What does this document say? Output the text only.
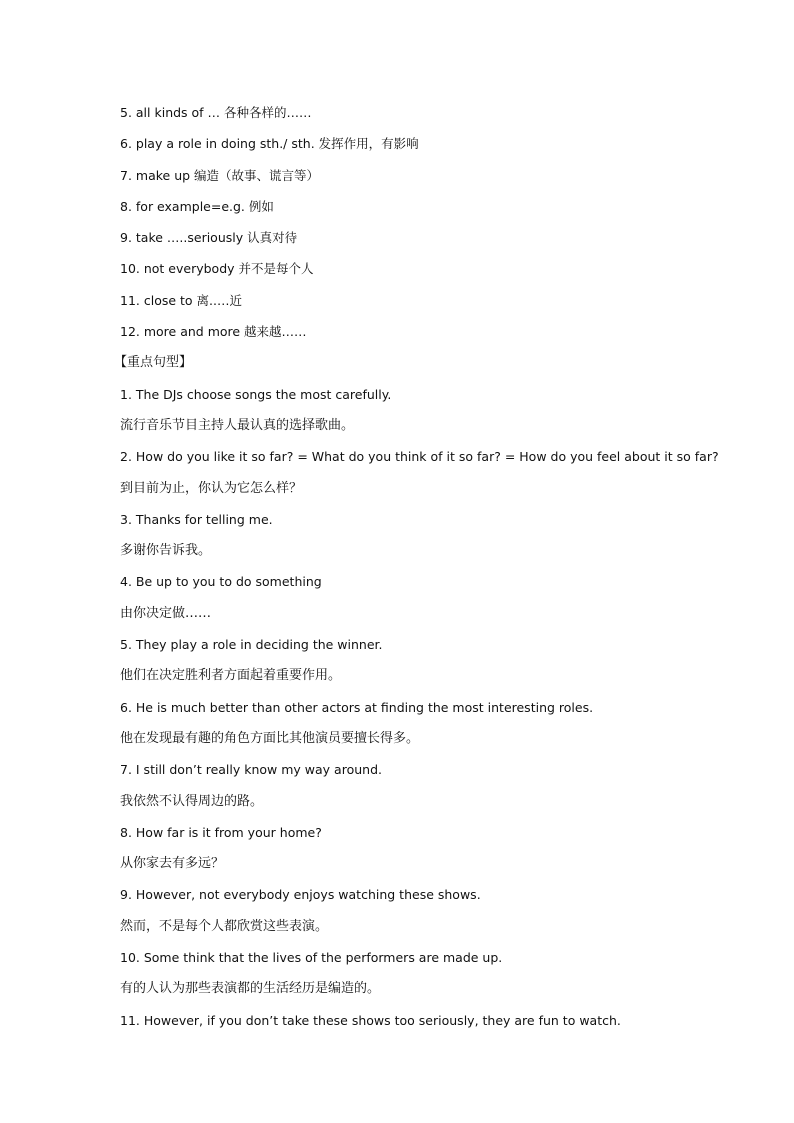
5. all kinds of … 各种各样的……
6. play a role in doing sth./ sth. 发挥作用，有影响
7. make up 编造（故事、谎言等）
8. for example=e.g. 例如
9. take …..seriously 认真对待
10. not everybody 并不是每个人
11. close to 离..…近
12. more and more 越来越……
【重点句型】
1. The DJs choose songs the most carefully.
流行音乐节目主持人最认真的选择歌曲。
2. How do you like it so far? = What do you think of it so far? = How do you feel about it so far?
到目前为止，你认为它怎么样？
3. Thanks for telling me.
多谢你告诉我。
4. Be up to you to do something
由你决定做……
5. They play a role in deciding the winner.
他们在决定胜利者方面起着重要作用。
6. He is much better than other actors at finding the most interesting roles.
他在发现最有趣的角色方面比其他演员要擅长得多。
7. I still don’t really know my way around.
我依然不认得周边的路。
8. How far is it from your home?
从你家去有多远？
9. However, not everybody enjoys watching these shows.
然而，不是每个人都欣赏这些表演。
10. Some think that the lives of the performers are made up.
有的人认为那些表演都的生活经历是编造的。
11. However, if you don’t take these shows too seriously, they are fun to watch.
